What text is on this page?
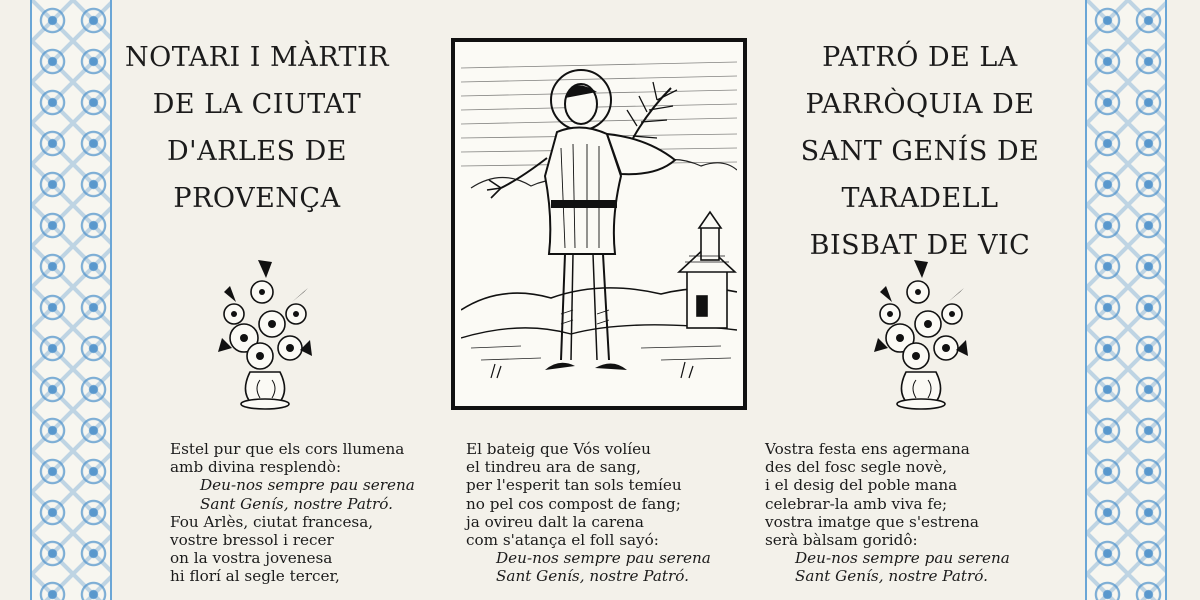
NOTARI I MÀRTIR
DE LA CIUTAT
D'ARLES DE
PROVENÇA
PATRÓ DE LA
PARRÒQUIA DE
SANT GENÍS DE
TARADELL
BISBAT DE VIC
Estel pur que els cors llumena
amb divina resplendò:
Deu-nos sempre pau serena
Sant Genís, nostre Patró.
Fou Arlès, ciutat francesa,
vostre bressol i recer
on la vostra jovenesa
hi florí al segle tercer,
El bateig que Vós volíeu
el tindreu ara de sang,
per l'esperit tan sols temíeu
no pel cos compost de fang;
ja ovireu dalt la carena
com s'atança el foll sayó:
Deu-nos sempre pau serena
Sant Genís, nostre Patró.
Vostra festa ens agermana
des del fosc segle novè,
i el desig del poble mana
celebrar-la amb viva fe;
vostra imatge que s'estrena
serà bàlsam goridô:
Deu-nos sempre pau serena
Sant Genís, nostre Patró.
